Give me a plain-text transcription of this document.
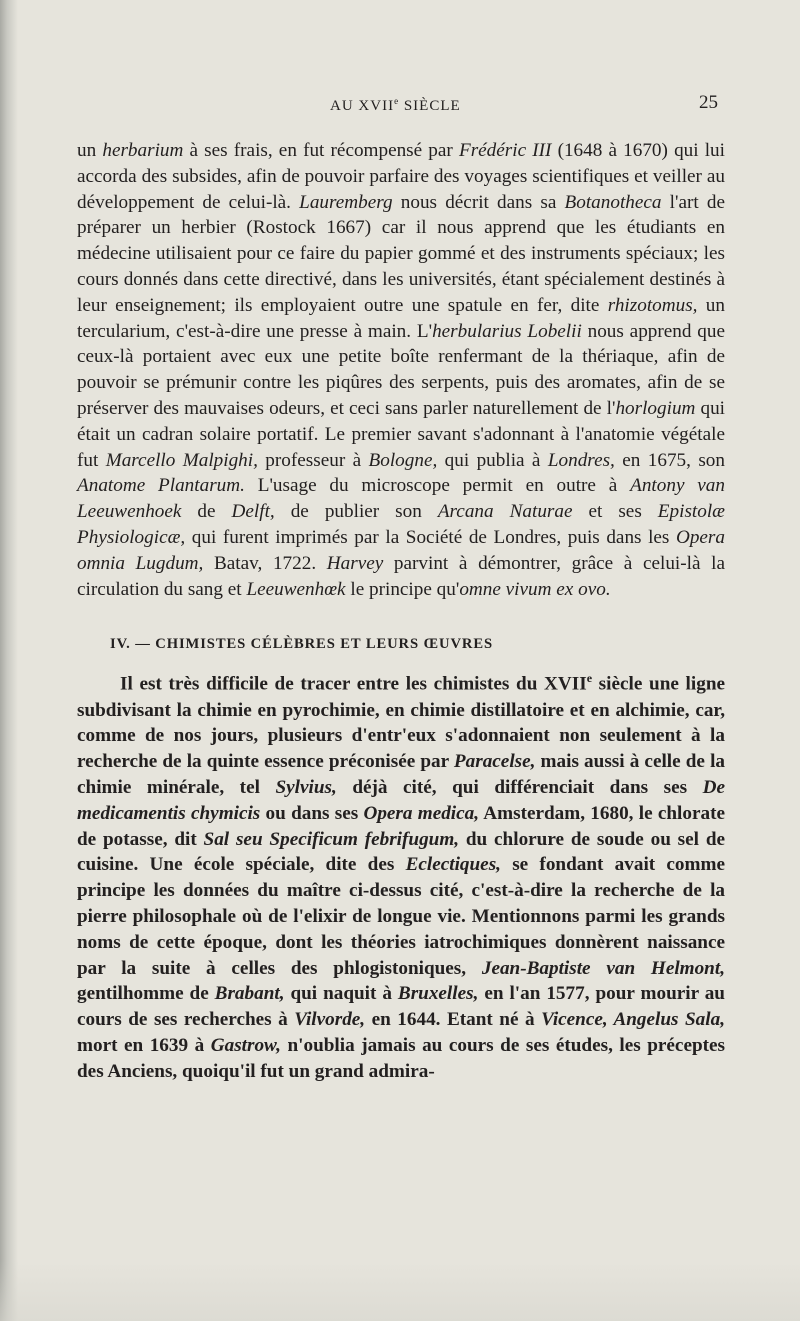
AU XVIIe SIÈCLE	25

un herbarium à ses frais, en fut récompensé par Frédéric III (1648 à 1670) qui lui accorda des subsides, afin de pouvoir parfaire des voyages scientifiques et veiller au développement de celui-là. Lauremberg nous décrit dans sa Botanotheca l'art de préparer un herbier (Rostock 1667) car il nous apprend que les étudiants en médecine utilisaient pour ce faire du papier gommé et des instruments spéciaux; les cours donnés dans cette directivé, dans les universités, étant spécialement destinés à leur enseignement; ils employaient outre une spatule en fer, dite rhizotomus, un tercularium, c'est-à-dire une presse à main. L'herbularius Lobelii nous apprend que ceux-là portaient avec eux une petite boîte renfermant de la thériaque, afin de pouvoir se prémunir contre les piqûres des serpents, puis des aromates, afin de se préserver des mauvaises odeurs, et ceci sans parler naturellement de l'horlogium qui était un cadran solaire portatif. Le premier savant s'adonnant à l'anatomie végétale fut Marcello Malpighi, professeur à Bologne, qui publia à Londres, en 1675, son Anatome Plantarum. L'usage du microscope permit en outre à Antony van Leeuwenhoek de Delft, de publier son Arcana Naturae et ses Epistolæ Physiologicæ, qui furent imprimés par la Société de Londres, puis dans les Opera omnia Lugdum, Batav, 1722. Harvey parvint à démontrer, grâce à celui-là la circulation du sang et Leeuwenhœk le principe qu'omne vivum ex ovo.

IV. — CHIMISTES CÉLÈBRES ET LEURS ŒUVRES

Il est très difficile de tracer entre les chimistes du XVIIe siècle une ligne subdivisant la chimie en pyrochimie, en chimie distillatoire et en alchimie, car, comme de nos jours, plusieurs d'entr'eux s'adonnaient non seulement à la recherche de la quinte essence préconisée par Paracelse, mais aussi à celle de la chimie minérale, tel Sylvius, déjà cité, qui différenciait dans ses De medicamentis chymicis ou dans ses Opera medica, Amsterdam, 1680, le chlorate de potasse, dit Sal seu Specificum febrifugum, du chlorure de soude ou sel de cuisine. Une école spéciale, dite des Eclectiques, se fondant avait comme principe les données du maître ci-dessus cité, c'est-à-dire la recherche de la pierre philosophale où de l'elixir de longue vie. Mentionnons parmi les grands noms de cette époque, dont les théories iatrochimiques donnèrent naissance par la suite à celles des phlogistoniques, Jean-Baptiste van Helmont, gentilhomme de Brabant, qui naquit à Bruxelles, en l'an 1577, pour mourir au cours de ses recherches à Vilvorde, en 1644. Etant né à Vicence, Angelus Sala, mort en 1639 à Gastrow, n'oublia jamais au cours de ses études, les préceptes des Anciens, quoiqu'il fut un grand admira-
